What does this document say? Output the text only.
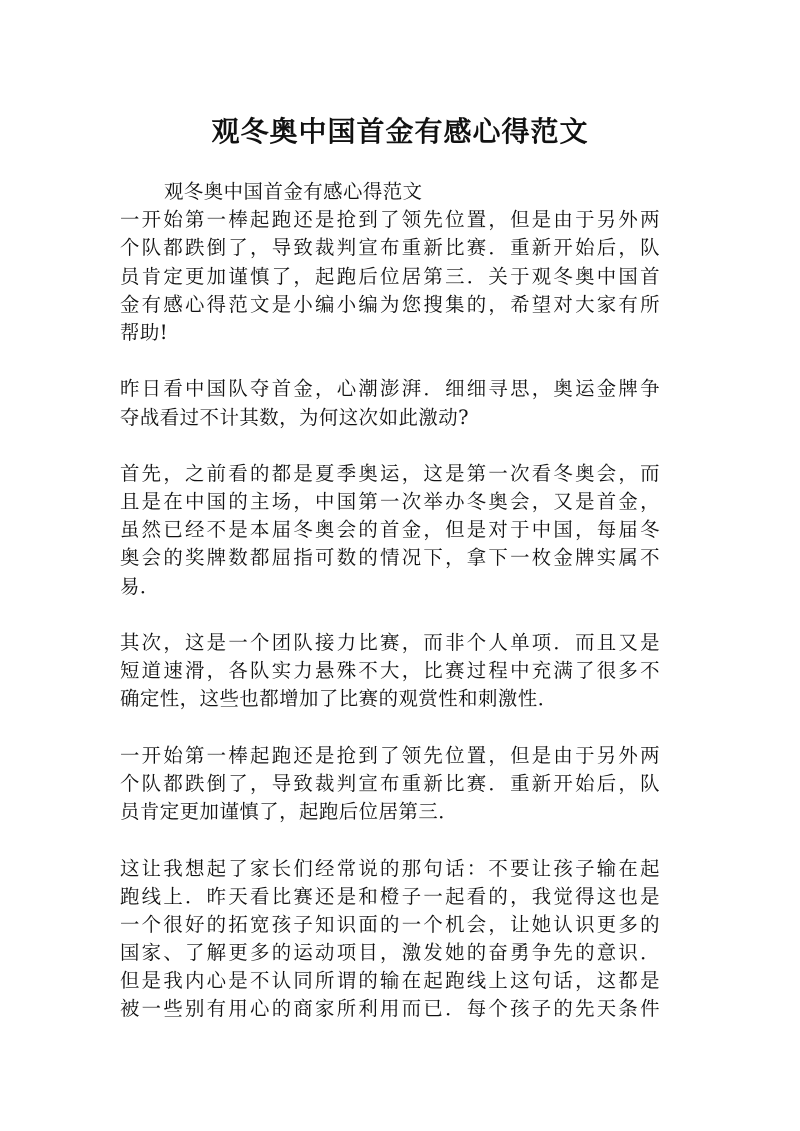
观冬奥中国首金有感心得范文
观冬奥中国首金有感心得范文
一开始第一棒起跑还是抢到了领先位置，但是由于另外两
个队都跌倒了，导致裁判宣布重新比赛．重新开始后，队
员肯定更加谨慎了，起跑后位居第三．关于观冬奥中国首
金有感心得范文是小编小编为您搜集的，希望对大家有所
帮助!
昨日看中国队夺首金，心潮澎湃．细细寻思，奥运金牌争
夺战看过不计其数，为何这次如此激动?
首先，之前看的都是夏季奥运，这是第一次看冬奥会，而
且是在中国的主场，中国第一次举办冬奥会，又是首金，
虽然已经不是本届冬奥会的首金，但是对于中国，每届冬
奥会的奖牌数都屈指可数的情况下，拿下一枚金牌实属不
易．
其次，这是一个团队接力比赛，而非个人单项．而且又是
短道速滑，各队实力悬殊不大，比赛过程中充满了很多不
确定性，这些也都增加了比赛的观赏性和刺激性．
一开始第一棒起跑还是抢到了领先位置，但是由于另外两
个队都跌倒了，导致裁判宣布重新比赛．重新开始后，队
员肯定更加谨慎了，起跑后位居第三．
这让我想起了家长们经常说的那句话：不要让孩子输在起
跑线上．昨天看比赛还是和橙子一起看的，我觉得这也是
一个很好的拓宽孩子知识面的一个机会，让她认识更多的
国家、了解更多的运动项目，激发她的奋勇争先的意识．
但是我内心是不认同所谓的输在起跑线上这句话，这都是
被一些别有用心的商家所利用而已．每个孩子的先天条件
